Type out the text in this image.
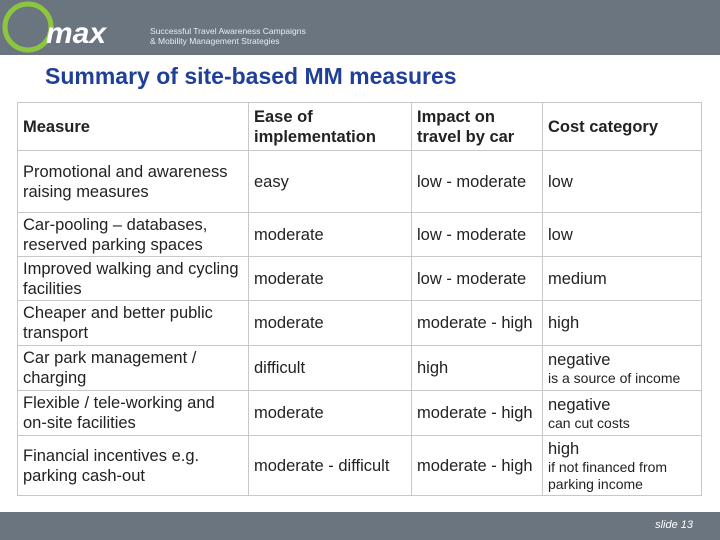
max	Successful Travel Awareness Campaigns
& Mobility Management Strategies
Summary of site-based MM measures
Measure	Ease of implementation	Impact on travel by car	Cost category
Promotional and awareness raising measures	easy	low - moderate	low
Car-pooling – databases, reserved parking spaces	moderate	low - moderate	low
Improved walking and cycling facilities	moderate	low - moderate	medium
Cheaper and better public transport	moderate	moderate - high	high
Car park management / charging	difficult	high	negative
is a source of income

Flexible / tele-working and on-site facilities	moderate	moderate - high	negative
can cut costs

Financial incentives e.g. parking cash-out	moderate - difficult	moderate - high	high
if not financed from parking income
slide 13
